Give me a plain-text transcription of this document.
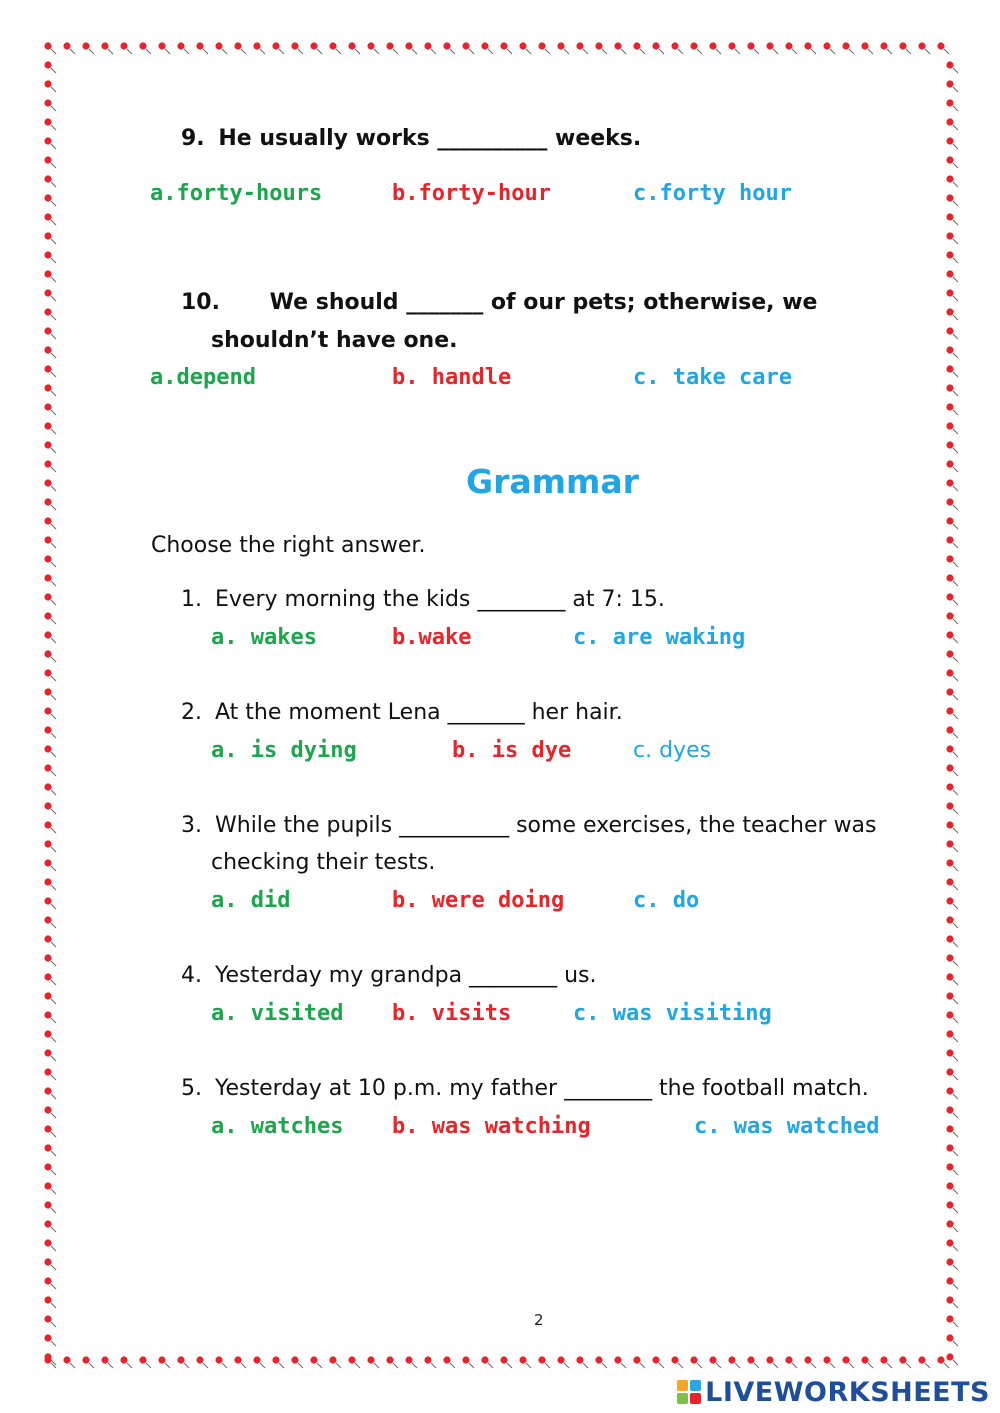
9. He usually works __________ weeks.
a.forty-hours	b.forty-hour	c.forty hour
10. We should _______ of our pets; otherwise, we
shouldn’t have one.
a.depend	b. handle	c. take care
Grammar
Choose the right answer.
1. Every morning the kids ________ at 7: 15.
a. wakes	b.wake	c. are waking
2. At the moment Lena _______ her hair.
a. is dying	b. is dye	c. dyes
3. While the pupils __________ some exercises, the teacher was
checking their tests.
a. did	b. were doing	c. do
4. Yesterday my grandpa ________ us.
a. visited b. visits	c. was visiting
5. Yesterday at 10 p.m. my father ________ the football match.
a. watches b. was watching	c. was watched
2
LIVEWORKSHEETS
